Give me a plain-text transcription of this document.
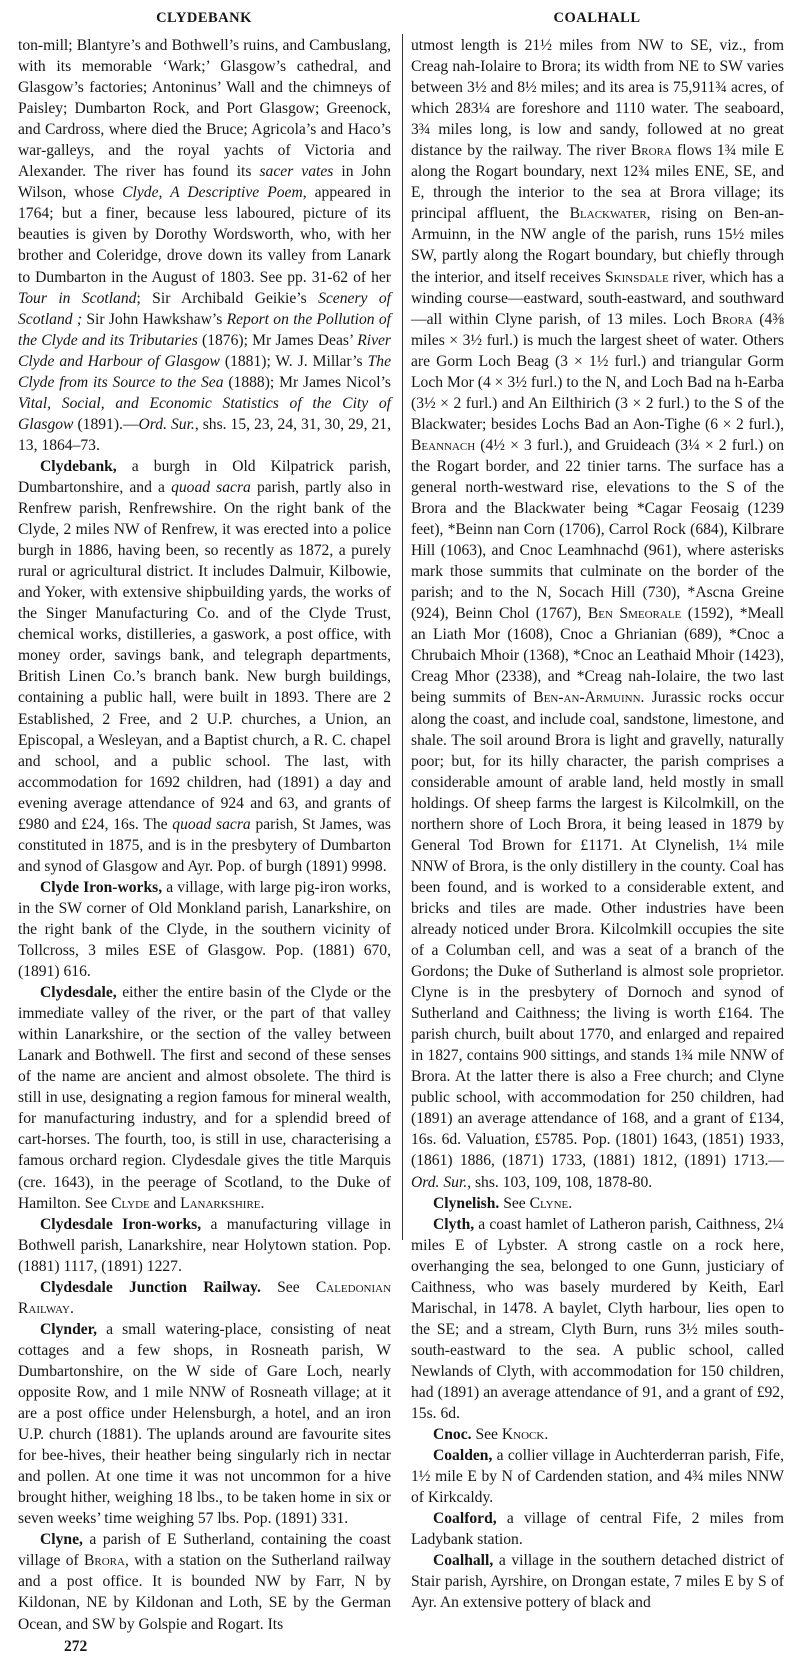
CLYDEBANK	COALHALL

ton-mill; Blantyre’s and Bothwell’s ruins, and Cambuslang, with its memorable ‘Wark;’ Glasgow’s cathedral, and Glasgow’s factories; Antoninus’ Wall and the chimneys of Paisley; Dumbarton Rock, and Port Glasgow; Greenock, and Cardross, where died the Bruce; Agricola’s and Haco’s war-galleys, and the royal yachts of Victoria and Alexander. The river has found its sacer vates in John Wilson, whose Clyde, A Descriptive Poem, appeared in 1764; but a finer, because less laboured, picture of its beauties is given by Dorothy Wordsworth, who, with her brother and Coleridge, drove down its valley from Lanark to Dumbarton in the August of 1803. See pp. 31-62 of her Tour in Scotland; Sir Archibald Geikie’s Scenery of Scotland ; Sir John Hawkshaw’s Report on the Pollution of the Clyde and its Tributaries (1876); Mr James Deas’ River Clyde and Harbour of Glasgow (1881); W. J. Millar’s The Clyde from its Source to the Sea (1888); Mr James Nicol’s Vital, Social, and Economic Statistics of the City of Glasgow (1891).—Ord. Sur., shs. 15, 23, 24, 31, 30, 29, 21, 13, 1864–73.

Clydebank, a burgh in Old Kilpatrick parish, Dumbartonshire, and a quoad sacra parish, partly also in Renfrew parish, Renfrewshire. On the right bank of the Clyde, 2 miles NW of Renfrew, it was erected into a police burgh in 1886, having been, so recently as 1872, a purely rural or agricultural district. It includes Dalmuir, Kilbowie, and Yoker, with extensive shipbuilding yards, the works of the Singer Manufacturing Co. and of the Clyde Trust, chemical works, distilleries, a gaswork, a post office, with money order, savings bank, and telegraph departments, British Linen Co.’s branch bank. New burgh buildings, containing a public hall, were built in 1893. There are 2 Established, 2 Free, and 2 U.P. churches, a Union, an Episcopal, a Wesleyan, and a Baptist church, a R. C. chapel and school, and a public school. The last, with accommodation for 1692 children, had (1891) a day and evening average attendance of 924 and 63, and grants of £980 and £24, 16s. The quoad sacra parish, St James, was constituted in 1875, and is in the presbytery of Dumbarton and synod of Glasgow and Ayr. Pop. of burgh (1891) 9998.

Clyde Iron-works, a village, with large pig-iron works, in the SW corner of Old Monkland parish, Lanarkshire, on the right bank of the Clyde, in the southern vicinity of Tollcross, 3 miles ESE of Glasgow. Pop. (1881) 670, (1891) 616.

Clydesdale, either the entire basin of the Clyde or the immediate valley of the river, or the part of that valley within Lanarkshire, or the section of the valley between Lanark and Bothwell. The first and second of these senses of the name are ancient and almost obsolete. The third is still in use, designating a region famous for mineral wealth, for manufacturing industry, and for a splendid breed of cart-horses. The fourth, too, is still in use, characterising a famous orchard region. Clydesdale gives the title Marquis (cre. 1643), in the peerage of Scotland, to the Duke of Hamilton. See Clyde and Lanarkshire.

Clydesdale Iron-works, a manufacturing village in Bothwell parish, Lanarkshire, near Holytown station. Pop. (1881) 1117, (1891) 1227.

Clydesdale Junction Railway. See Caledonian Railway.

Clynder, a small watering-place, consisting of neat cottages and a few shops, in Rosneath parish, W Dumbartonshire, on the W side of Gare Loch, nearly opposite Row, and 1 mile NNW of Rosneath village; at it are a post office under Helensburgh, a hotel, and an iron U.P. church (1881). The uplands around are favourite sites for bee-hives, their heather being singularly rich in nectar and pollen. At one time it was not uncommon for a hive brought hither, weighing 18 lbs., to be taken home in six or seven weeks’ time weighing 57 lbs. Pop. (1891) 331.

Clyne, a parish of E Sutherland, containing the coast village of Brora, with a station on the Sutherland railway and a post office. It is bounded NW by Farr, N by Kildonan, NE by Kildonan and Loth, SE by the German Ocean, and SW by Golspie and Rogart. Its

272

utmost length is 21½ miles from NW to SE, viz., from Creag nah-Iolaire to Brora; its width from NE to SW varies between 3½ and 8½ miles; and its area is 75,911¾ acres, of which 283¼ are foreshore and 1110 water. The seaboard, 3¾ miles long, is low and sandy, followed at no great distance by the railway. The river Brora flows 1¾ mile E along the Rogart boundary, next 12¾ miles ENE, SE, and E, through the interior to the sea at Brora village; its principal affluent, the Blackwater, rising on Ben-an-Armuinn, in the NW angle of the parish, runs 15½ miles SW, partly along the Rogart boundary, but chiefly through the interior, and itself receives Skinsdale river, which has a winding course—eastward, south-eastward, and southward—all within Clyne parish, of 13 miles. Loch Brora (4⅜ miles × 3½ furl.) is much the largest sheet of water. Others are Gorm Loch Beag (3 × 1½ furl.) and triangular Gorm Loch Mor (4 × 3½ furl.) to the N, and Loch Bad na h-Earba (3½ × 2 furl.) and An Eilthirich (3 × 2 furl.) to the S of the Blackwater; besides Lochs Bad an Aon-Tighe (6 × 2 furl.), Beannach (4½ × 3 furl.), and Gruideach (3¼ × 2 furl.) on the Rogart border, and 22 tinier tarns. The surface has a general north-westward rise, elevations to the S of the Brora and the Blackwater being *Cagar Feosaig (1239 feet), *Beinn nan Corn (1706), Carrol Rock (684), Kilbrare Hill (1063), and Cnoc Leamhnachd (961), where asterisks mark those summits that culminate on the border of the parish; and to the N, Socach Hill (730), *Ascna Greine (924), Beinn Chol (1767), Ben Smeorale (1592), *Meall an Liath Mor (1608), Cnoc a Ghrianian (689), *Cnoc a Chrubaich Mhoir (1368), *Cnoc an Leathaid Mhoir (1423), Creag Mhor (2338), and *Creag nah-Iolaire, the two last being summits of Ben-an-Armuinn. Jurassic rocks occur along the coast, and include coal, sandstone, limestone, and shale. The soil around Brora is light and gravelly, naturally poor; but, for its hilly character, the parish comprises a considerable amount of arable land, held mostly in small holdings. Of sheep farms the largest is Kilcolmkill, on the northern shore of Loch Brora, it being leased in 1879 by General Tod Brown for £1171. At Clynelish, 1¼ mile NNW of Brora, is the only distillery in the county. Coal has been found, and is worked to a considerable extent, and bricks and tiles are made. Other industries have been already noticed under Brora. Kilcolmkill occupies the site of a Columban cell, and was a seat of a branch of the Gordons; the Duke of Sutherland is almost sole proprietor. Clyne is in the presbytery of Dornoch and synod of Sutherland and Caithness; the living is worth £164. The parish church, built about 1770, and enlarged and repaired in 1827, contains 900 sittings, and stands 1¾ mile NNW of Brora. At the latter there is also a Free church; and Clyne public school, with accommodation for 250 children, had (1891) an average attendance of 168, and a grant of £134, 16s. 6d. Valuation, £5785. Pop. (1801) 1643, (1851) 1933, (1861) 1886, (1871) 1733, (1881) 1812, (1891) 1713.—Ord. Sur., shs. 103, 109, 108, 1878-80.

Clynelish. See Clyne.

Clyth, a coast hamlet of Latheron parish, Caithness, 2¼ miles E of Lybster. A strong castle on a rock here, overhanging the sea, belonged to one Gunn, justiciary of Caithness, who was basely murdered by Keith, Earl Marischal, in 1478. A baylet, Clyth harbour, lies open to the SE; and a stream, Clyth Burn, runs 3½ miles south-south-eastward to the sea. A public school, called Newlands of Clyth, with accommodation for 150 children, had (1891) an average attendance of 91, and a grant of £92, 15s. 6d.

Cnoc. See Knock.

Coalden, a collier village in Auchterderran parish, Fife, 1½ mile E by N of Cardenden station, and 4¾ miles NNW of Kirkcaldy.

Coalford, a village of central Fife, 2 miles from Ladybank station.

Coalhall, a village in the southern detached district of Stair parish, Ayrshire, on Drongan estate, 7 miles E by S of Ayr. An extensive pottery of black and
